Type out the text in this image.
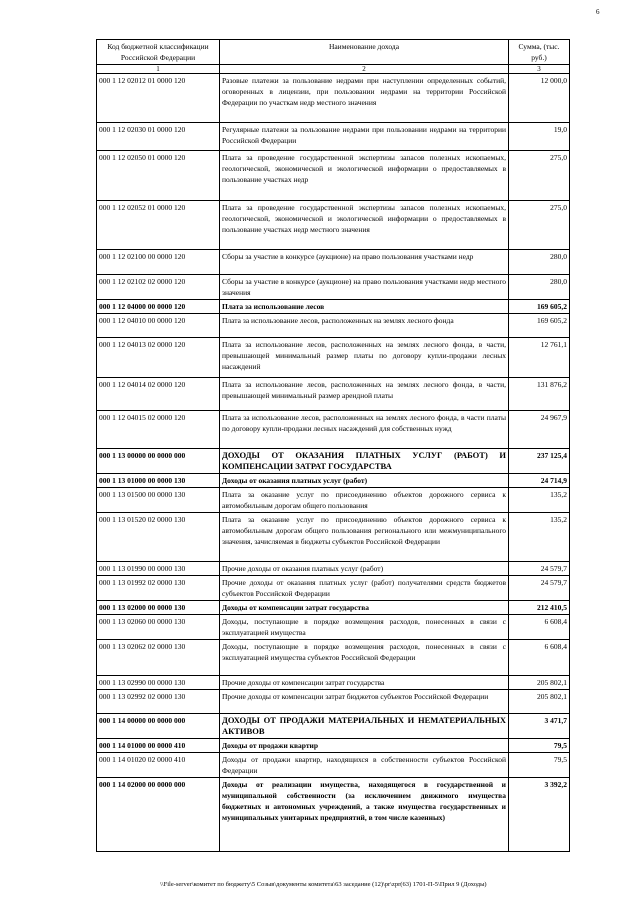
6
Код бюджетной классификации Российской Федерации	Наименование дохода	Сумма, (тыс. руб.)
1	2	3
000 1 12 02012 01 0000 120	Разовые платежи за пользование недрами при наступлении определенных событий, оговоренных в лицензии, при пользовании недрами на территории Российской Федерации по участкам недр местного значения	12 000,0
000 1 12 02030 01 0000 120	Регулярные платежи за пользование недрами при пользовании недрами на территории Российской Федерации	19,0
000 1 12 02050 01 0000 120	Плата за проведение государственной экспертизы запасов полезных ископаемых, геологической, экономической и экологической информации о предоставляемых в пользование участках недр	275,0
000 1 12 02052 01 0000 120	Плата за проведение государственной экспертизы запасов полезных ископаемых, геологической, экономической и экологической информации о предоставляемых в пользование участках недр местного значения	275,0
000 1 12 02100 00 0000 120	Сборы за участие в конкурсе (аукционе) на право пользования участками недр	280,0
000 1 12 02102 02 0000 120	Сборы за участие в конкурсе (аукционе) на право пользования участками недр местного значения	280,0
000 1 12 04000 00 0000 120	Плата за использование лесов	169 605,2
000 1 12 04010 00 0000 120	Плата за использование лесов, расположенных на землях лесного фонда	169 605,2
000 1 12 04013 02 0000 120	Плата за использование лесов, расположенных на землях лесного фонда, в части, превышающей минимальный размер платы по договору купли-продажи лесных насаждений	12 761,1
000 1 12 04014 02 0000 120	Плата за использование лесов, расположенных на землях лесного фонда, в части, превышающей минимальный размер арендной платы	131 876,2
000 1 12 04015 02 0000 120	Плата за использование лесов, расположенных на землях лесного фонда, в части платы по договору купли-продажи лесных насаждений для собственных нужд	24 967,9
000 1 13 00000 00 0000 000	ДОХОДЫ ОТ ОКАЗАНИЯ ПЛАТНЫХ УСЛУГ (РАБОТ) И КОМПЕНСАЦИИ ЗАТРАТ ГОСУДАРСТВА	237 125,4
000 1 13 01000 00 0000 130	Доходы от оказания платных услуг (работ)	24 714,9
000 1 13 01500 00 0000 130	Плата за оказание услуг по присоединению объектов дорожного сервиса к автомобильным дорогам общего пользования	135,2
000 1 13 01520 02 0000 130	Плата за оказание услуг по присоединению объектов дорожного сервиса к автомобильным дорогам общего пользования регионального или межмуниципального значения, зачисляемая в бюджеты субъектов Российской Федерации	135,2
000 1 13 01990 00 0000 130	Прочие доходы от оказания платных услуг (работ)	24 579,7
000 1 13 01992 02 0000 130	Прочие доходы от оказания платных услуг (работ) получателями средств бюджетов субъектов Российской Федерации	24 579,7
000 1 13 02000 00 0000 130	Доходы от компенсации затрат государства	212 410,5
000 1 13 02060 00 0000 130	Доходы, поступающие в порядке возмещения расходов, понесенных в связи с эксплуатацией имущества	6 608,4
000 1 13 02062 02 0000 130	Доходы, поступающие в порядке возмещения расходов, понесенных в связи с эксплуатацией имущества субъектов Российской Федерации	6 608,4
000 1 13 02990 00 0000 130	Прочие доходы от компенсации затрат государства	205 802,1
000 1 13 02992 02 0000 130	Прочие доходы от компенсации затрат бюджетов субъектов Российской Федерации	205 802,1
000 1 14 00000 00 0000 000	ДОХОДЫ ОТ ПРОДАЖИ МАТЕРИАЛЬНЫХ И НЕМАТЕРИАЛЬНЫХ АКТИВОВ	3 471,7
000 1 14 01000 00 0000 410	Доходы от продажи квартир	79,5
000 1 14 01020 02 0000 410	Доходы от продажи квартир, находящихся в собственности субъектов Российской Федерации	79,5
000 1 14 02000 00 0000 000	Доходы от реализации имущества, находящегося в государственной и муниципальной собственности (за исключением движимого имущества бюджетных и автономных учреждений, а также имущества государственных и муниципальных унитарных предприятий, в том числе казенных)	3 392,2
\\File-server\комитет по бюджету\5 Созыв\документы комитета\63 заседание (12)\pr\zpr(63) 1701-П-5\Прил 9 (Доходы)
